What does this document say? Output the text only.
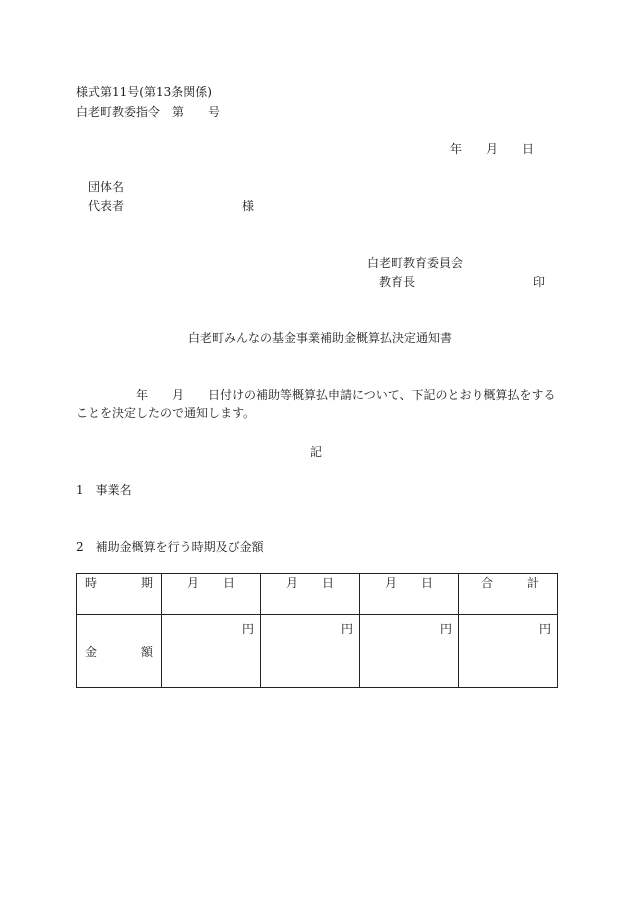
様式第11号(第13条関係)
白老町教委指令 第 号
年 月 日
団体名
代表者	様
白老町教育委員会
教育長	印
白老町みんなの基金事業補助金概算払決定通知書
年 月 日付けの補助等概算払申請について、下記のとおり概算払をする
ことを決定したので通知します。
記
1 事業名
2 補助金概算を行う時期及び金額
時 期	月 日	月 日	月 日	合 計

金 額	円	円	円	円
